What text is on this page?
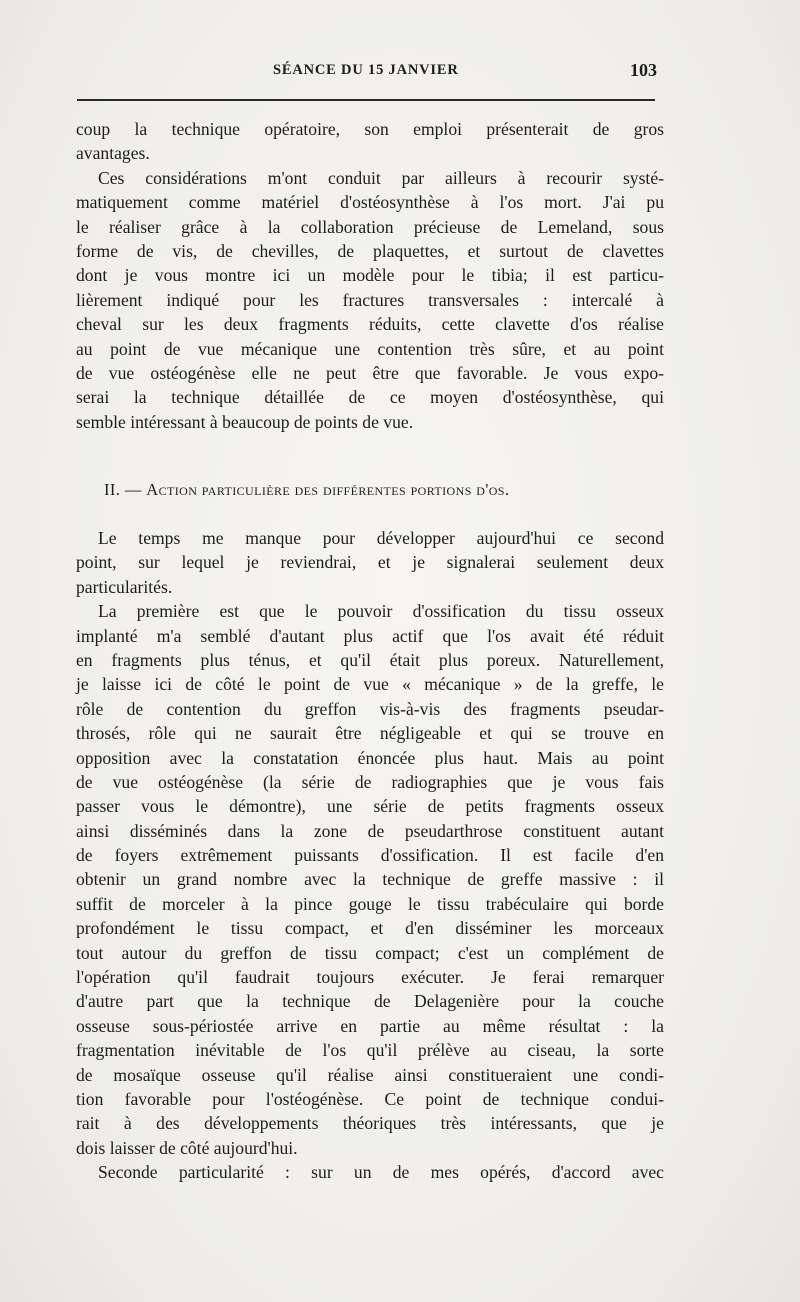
SÉANCE DU 15 JANVIER	103
coup la technique opératoire, son emploi présenterait de gros
avantages.
Ces considérations m'ont conduit par ailleurs à recourir systé-
matiquement comme matériel d'ostéosynthèse à l'os mort. J'ai pu
le réaliser grâce à la collaboration précieuse de Lemeland, sous
forme de vis, de chevilles, de plaquettes, et surtout de clavettes
dont je vous montre ici un modèle pour le tibia; il est particu-
lièrement indiqué pour les fractures transversales : intercalé à
cheval sur les deux fragments réduits, cette clavette d'os réalise
au point de vue mécanique une contention très sûre, et au point
de vue ostéogénèse elle ne peut être que favorable. Je vous expo-
serai la technique détaillée de ce moyen d'ostéosynthèse, qui
semble intéressant à beaucoup de points de vue.
II. — Action particulière des différentes portions d'os.
Le temps me manque pour développer aujourd'hui ce second
point, sur lequel je reviendrai, et je signalerai seulement deux
particularités.
La première est que le pouvoir d'ossification du tissu osseux
implanté m'a semblé d'autant plus actif que l'os avait été réduit
en fragments plus ténus, et qu'il était plus poreux. Naturellement,
je laisse ici de côté le point de vue « mécanique » de la greffe, le
rôle de contention du greffon vis-à-vis des fragments pseudar-
throsés, rôle qui ne saurait être négligeable et qui se trouve en
opposition avec la constatation énoncée plus haut. Mais au point
de vue ostéogénèse (la série de radiographies que je vous fais
passer vous le démontre), une série de petits fragments osseux
ainsi disséminés dans la zone de pseudarthrose constituent autant
de foyers extrêmement puissants d'ossification. Il est facile d'en
obtenir un grand nombre avec la technique de greffe massive : il
suffit de morceler à la pince gouge le tissu trabéculaire qui borde
profondément le tissu compact, et d'en disséminer les morceaux
tout autour du greffon de tissu compact; c'est un complément de
l'opération qu'il faudrait toujours exécuter. Je ferai remarquer
d'autre part que la technique de Delagenière pour la couche
osseuse sous-périostée arrive en partie au même résultat : la
fragmentation inévitable de l'os qu'il prélève au ciseau, la sorte
de mosaïque osseuse qu'il réalise ainsi constitueraient une condi-
tion favorable pour l'ostéogénèse. Ce point de technique condui-
rait à des développements théoriques très intéressants, que je
dois laisser de côté aujourd'hui.
Seconde particularité : sur un de mes opérés, d'accord avec
